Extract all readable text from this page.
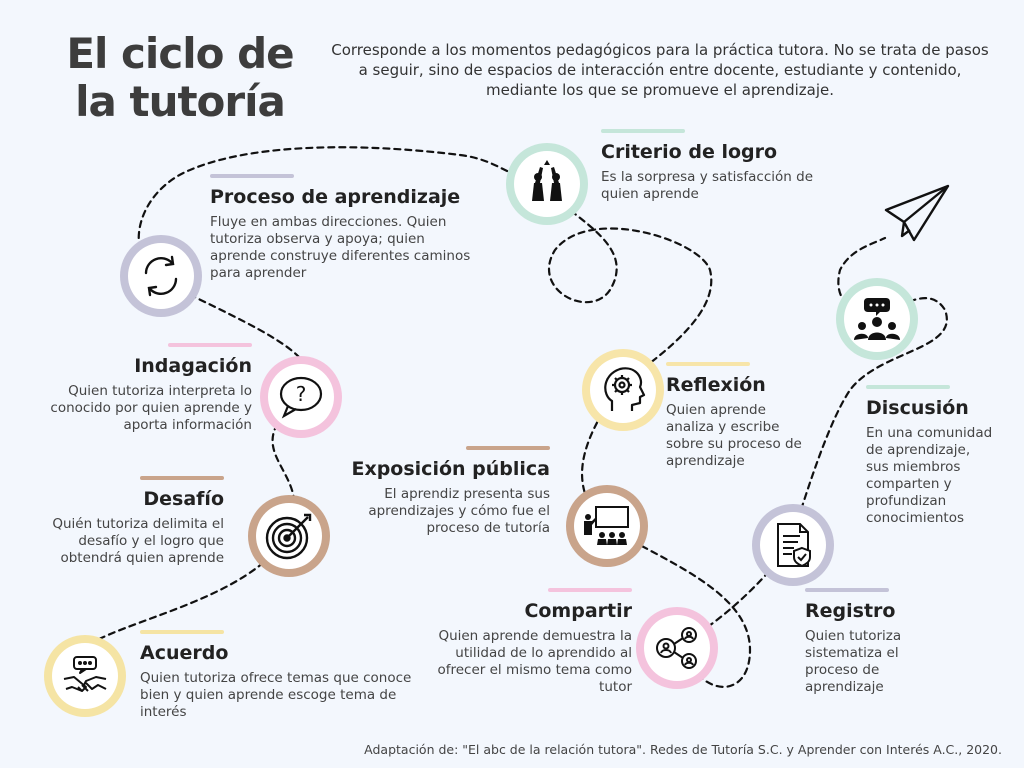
El ciclo de la tutoría
Corresponde a los momentos pedagógicos para la práctica tutora. No se trata de pasos a seguir, sino de espacios de interacción entre docente, estudiante y contenido, mediante los que se promueve el aprendizaje.
?
Acuerdo

Quien tutoriza ofrece temas que conoce bien y quien aprende escoge tema de interés

Desafío

Quién tutoriza delimita el desafío y el logro que obtendrá quien aprende

Indagación

Quien tutoriza interpreta lo conocido por quien aprende y aporta información

Proceso de aprendizaje

Fluye en ambas direcciones. Quien tutoriza observa y apoya; quien aprende construye diferentes caminos para aprender

Criterio de logro

Es la sorpresa y satisfacción de quien aprende

Reflexión

Quien aprende analiza y escribe sobre su proceso de aprendizaje

Exposición pública

El aprendiz presenta sus aprendizajes y cómo fue el proceso de tutoría

Compartir

Quien aprende demuestra la utilidad de lo aprendido al ofrecer el mismo tema como tutor

Registro

Quien tutoriza sistematiza el proceso de aprendizaje

Discusión

En una comunidad de aprendizaje, sus miembros comparten y profundizan conocimientos

Adaptación de: "El abc de la relación tutora". Redes de Tutoría S.C. y Aprender con Interés A.C., 2020.
